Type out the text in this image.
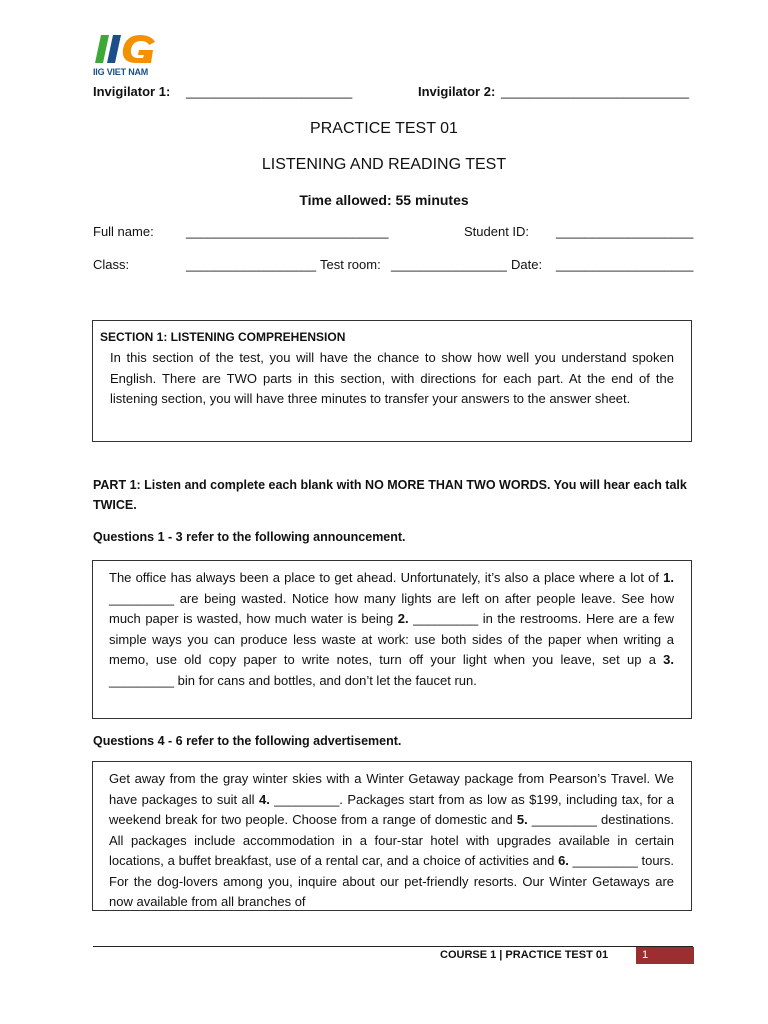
IIG VIET NAM
Invigilator 1: _______________________	Invigilator 2: __________________________
PRACTICE TEST 01
LISTENING AND READING TEST
Time allowed: 55 minutes
Full name: ____________________________	Student ID: ___________________
Class:	__________________ Test room: ________________ Date: ___________________
SECTION 1: LISTENING COMPREHENSION

In this section of the test, you will have the chance to show how well you understand spoken English. There are TWO parts in this section, with directions for each part. At the end of the listening section, you will have three minutes to transfer your answers to the answer sheet.

PART 1: Listen and complete each blank with NO MORE THAN TWO WORDS. You will hear each talk TWICE.
Questions 1 - 3 refer to the following announcement.

The office has always been a place to get ahead. Unfortunately, it’s also a place where a lot of 1. _________ are being wasted. Notice how many lights are left on after people leave. See how much paper is wasted, how much water is being 2. _________ in the restrooms. Here are a few simple ways you can produce less waste at work: use both sides of the paper when writing a memo, use old copy paper to write notes, turn off your light when you leave, set up a 3. _________ bin for cans and bottles, and don’t let the faucet run.

Questions 4 - 6 refer to the following advertisement.

Get away from the gray winter skies with a Winter Getaway package from Pearson’s Travel. We have packages to suit all 4. _________. Packages start from as low as $199, including tax, for a weekend break for two people. Choose from a range of domestic and 5. _________ destinations. All packages include accommodation in a four-star hotel with upgrades available in certain locations, a buffet breakfast, use of a rental car, and a choice of activities and 6. _________ tours. For the dog-lovers among you, inquire about our pet-friendly resorts. Our Winter Getaways are now available from all branches of

COURSE 1 | PRACTICE TEST 01	1
